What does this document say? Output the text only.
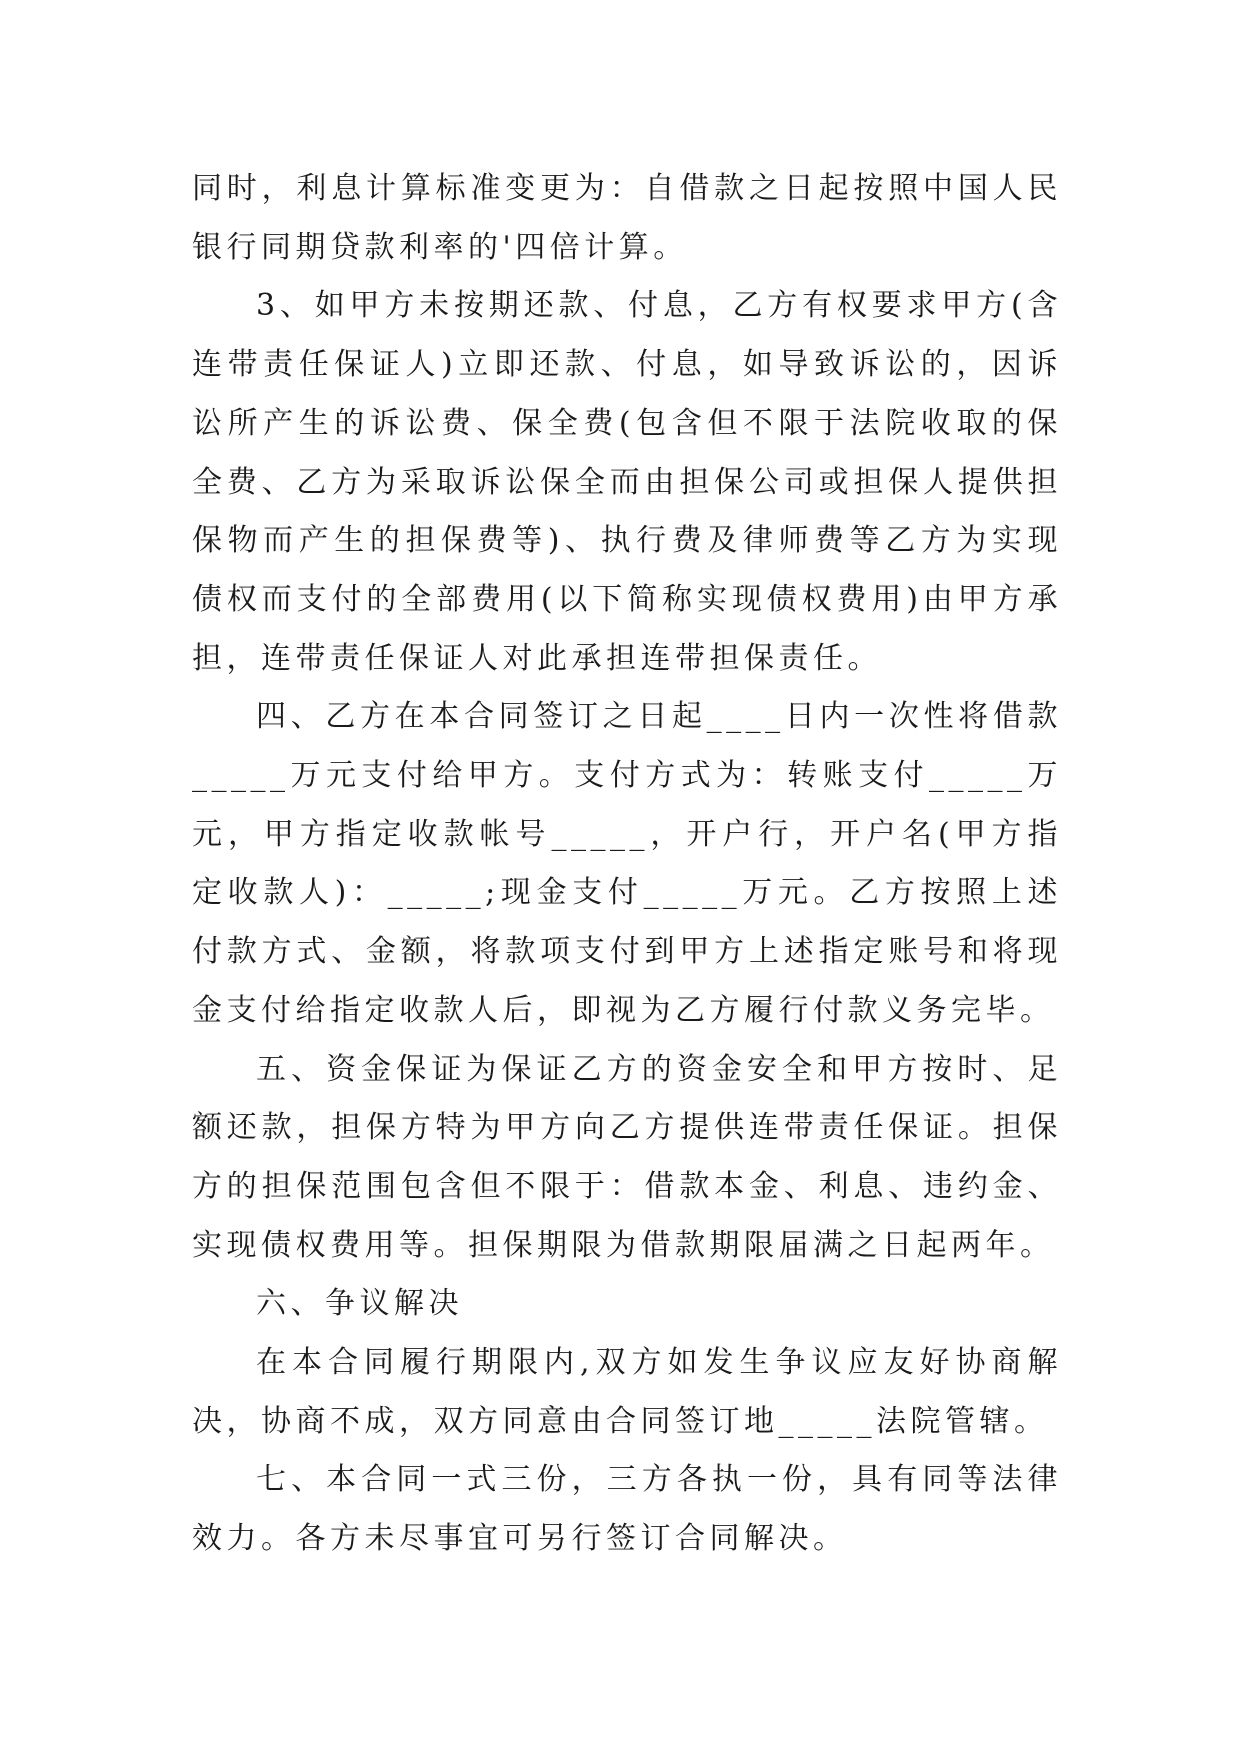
同时，利息计算标准变更为：自借款之日起按照中国人民银行同期贷款利率的'四倍计算。

3、如甲方未按期还款、付息，乙方有权要求甲方(含连带责任保证人)立即还款、付息，如导致诉讼的，因诉讼所产生的诉讼费、保全费(包含但不限于法院收取的保全费、乙方为采取诉讼保全而由担保公司或担保人提供担保物而产生的担保费等)、执行费及律师费等乙方为实现债权而支付的全部费用(以下简称实现债权费用)由甲方承担，连带责任保证人对此承担连带担保责任。

四、乙方在本合同签订之日起____日内一次性将借款_____万元支付给甲方。支付方式为：转账支付_____万元，甲方指定收款帐号_____，开户行，开户名(甲方指定收款人)：_____;现金支付_____万元。乙方按照上述付款方式、金额，将款项支付到甲方上述指定账号和将现金支付给指定收款人后，即视为乙方履行付款义务完毕。

五、资金保证为保证乙方的资金安全和甲方按时、足额还款，担保方特为甲方向乙方提供连带责任保证。担保方的担保范围包含但不限于：借款本金、利息、违约金、实现债权费用等。担保期限为借款期限届满之日起两年。

六、争议解决

在本合同履行期限内,双方如发生争议应友好协商解决，协商不成，双方同意由合同签订地_____法院管辖。

七、本合同一式三份，三方各执一份，具有同等法律效力。各方未尽事宜可另行签订合同解决。
